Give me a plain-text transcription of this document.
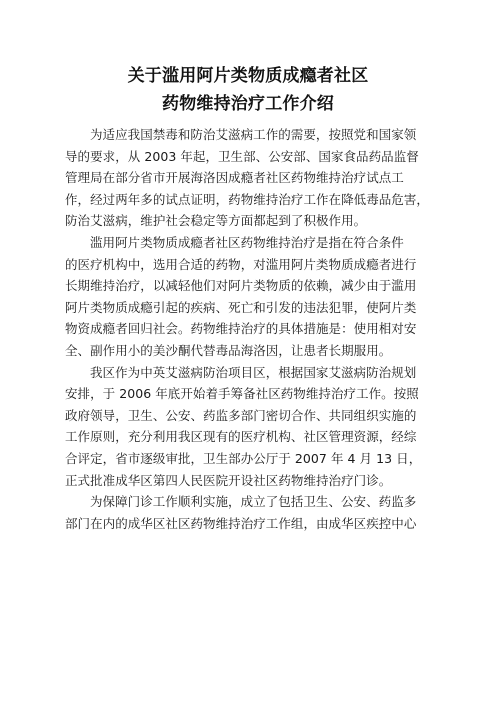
关于滥用阿片类物质成瘾者社区
药物维持治疗工作介绍
为适应我国禁毒和防治艾滋病工作的需要，按照党和国家领
导的要求，从 2003 年起，卫生部、公安部、国家食品药品监督
管理局在部分省市开展海洛因成瘾者社区药物维持治疗试点工
作，经过两年多的试点证明，药物维持治疗工作在降低毒品危害，
防治艾滋病，维护社会稳定等方面都起到了积极作用。
滥用阿片类物质成瘾者社区药物维持治疗是指在符合条件
的医疗机构中，选用合适的药物，对滥用阿片类物质成瘾者进行
长期维持治疗，以减轻他们对阿片类物质的依赖，减少由于滥用
阿片类物质成瘾引起的疾病、死亡和引发的违法犯罪，使阿片类
物资成瘾者回归社会。药物维持治疗的具体措施是：使用相对安
全、副作用小的美沙酮代替毒品海洛因，让患者长期服用。
我区作为中英艾滋病防治项目区，根据国家艾滋病防治规划
安排，于 2006 年底开始着手筹备社区药物维持治疗工作。按照
政府领导，卫生、公安、药监多部门密切合作、共同组织实施的
工作原则，充分利用我区现有的医疗机构、社区管理资源，经综
合评定，省市逐级审批，卫生部办公厅于 2007 年 4 月 13 日，
正式批准成华区第四人民医院开设社区药物维持治疗门诊。
为保障门诊工作顺利实施，成立了包括卫生、公安、药监多
部门在内的成华区社区药物维持治疗工作组，由成华区疾控中心
